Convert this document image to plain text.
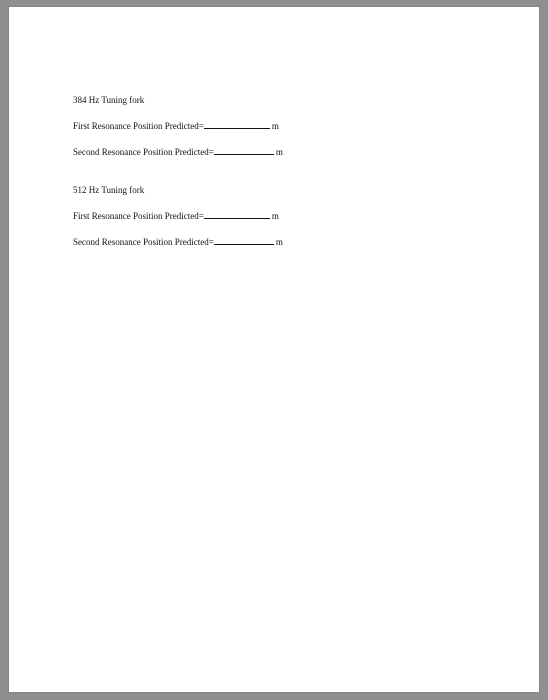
384 Hz Tuning fork
First Resonance Position Predicted=	m
Second Resonance Position Predicted=	m
512 Hz Tuning fork
First Resonance Position Predicted=	m
Second Resonance Position Predicted=	m
